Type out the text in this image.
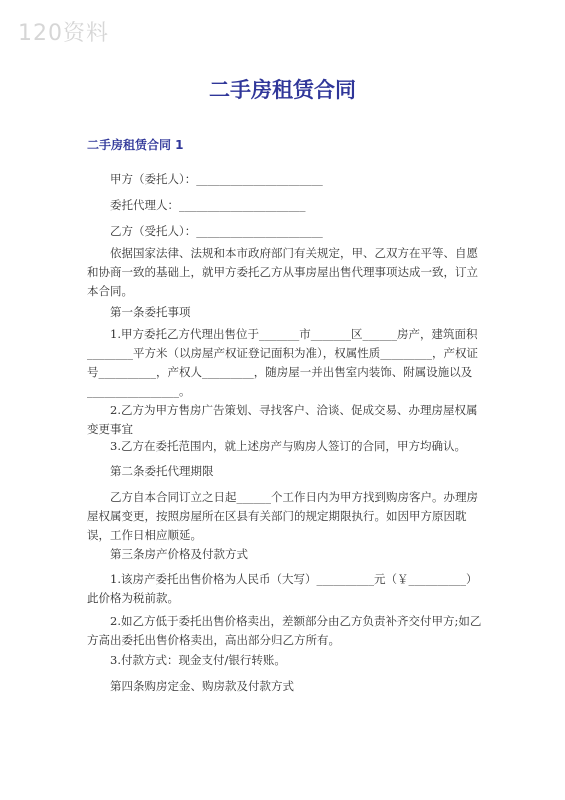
120资料
二手房租赁合同
二手房租赁合同 1
甲方（委托人）：______________________
委托代理人：______________________
乙方（受托人）：______________________
依据国家法律、法规和本市政府部门有关规定，甲、乙双方在平等、自愿和协商一致的基础上，就甲方委托乙方从事房屋出售代理事项达成一致，订立本合同。
第一条委托事项
1.甲方委托乙方代理出售位于_______市_______区______房产，建筑面积________平方米（以房屋产权证登记面积为准），权属性质_________，产权证号__________，产权人_________，随房屋一并出售室内装饰、附属设施以及________________。
2.乙方为甲方售房广告策划、寻找客户、洽谈、促成交易、办理房屋权属变更事宜
3.乙方在委托范围内，就上述房产与购房人签订的合同，甲方均确认。
第二条委托代理期限
乙方自本合同订立之日起______个工作日内为甲方找到购房客户。办理房屋权属变更，按照房屋所在区县有关部门的规定期限执行。如因甲方原因耽误，工作日相应顺延。
第三条房产价格及付款方式
1.该房产委托出售价格为人民币（大写）__________元（￥__________）此价格为税前款。
2.如乙方低于委托出售价格卖出，差额部分由乙方负责补齐交付甲方;如乙方高出委托出售价格卖出，高出部分归乙方所有。
3.付款方式：现金支付/银行转账。
第四条购房定金、购房款及付款方式
